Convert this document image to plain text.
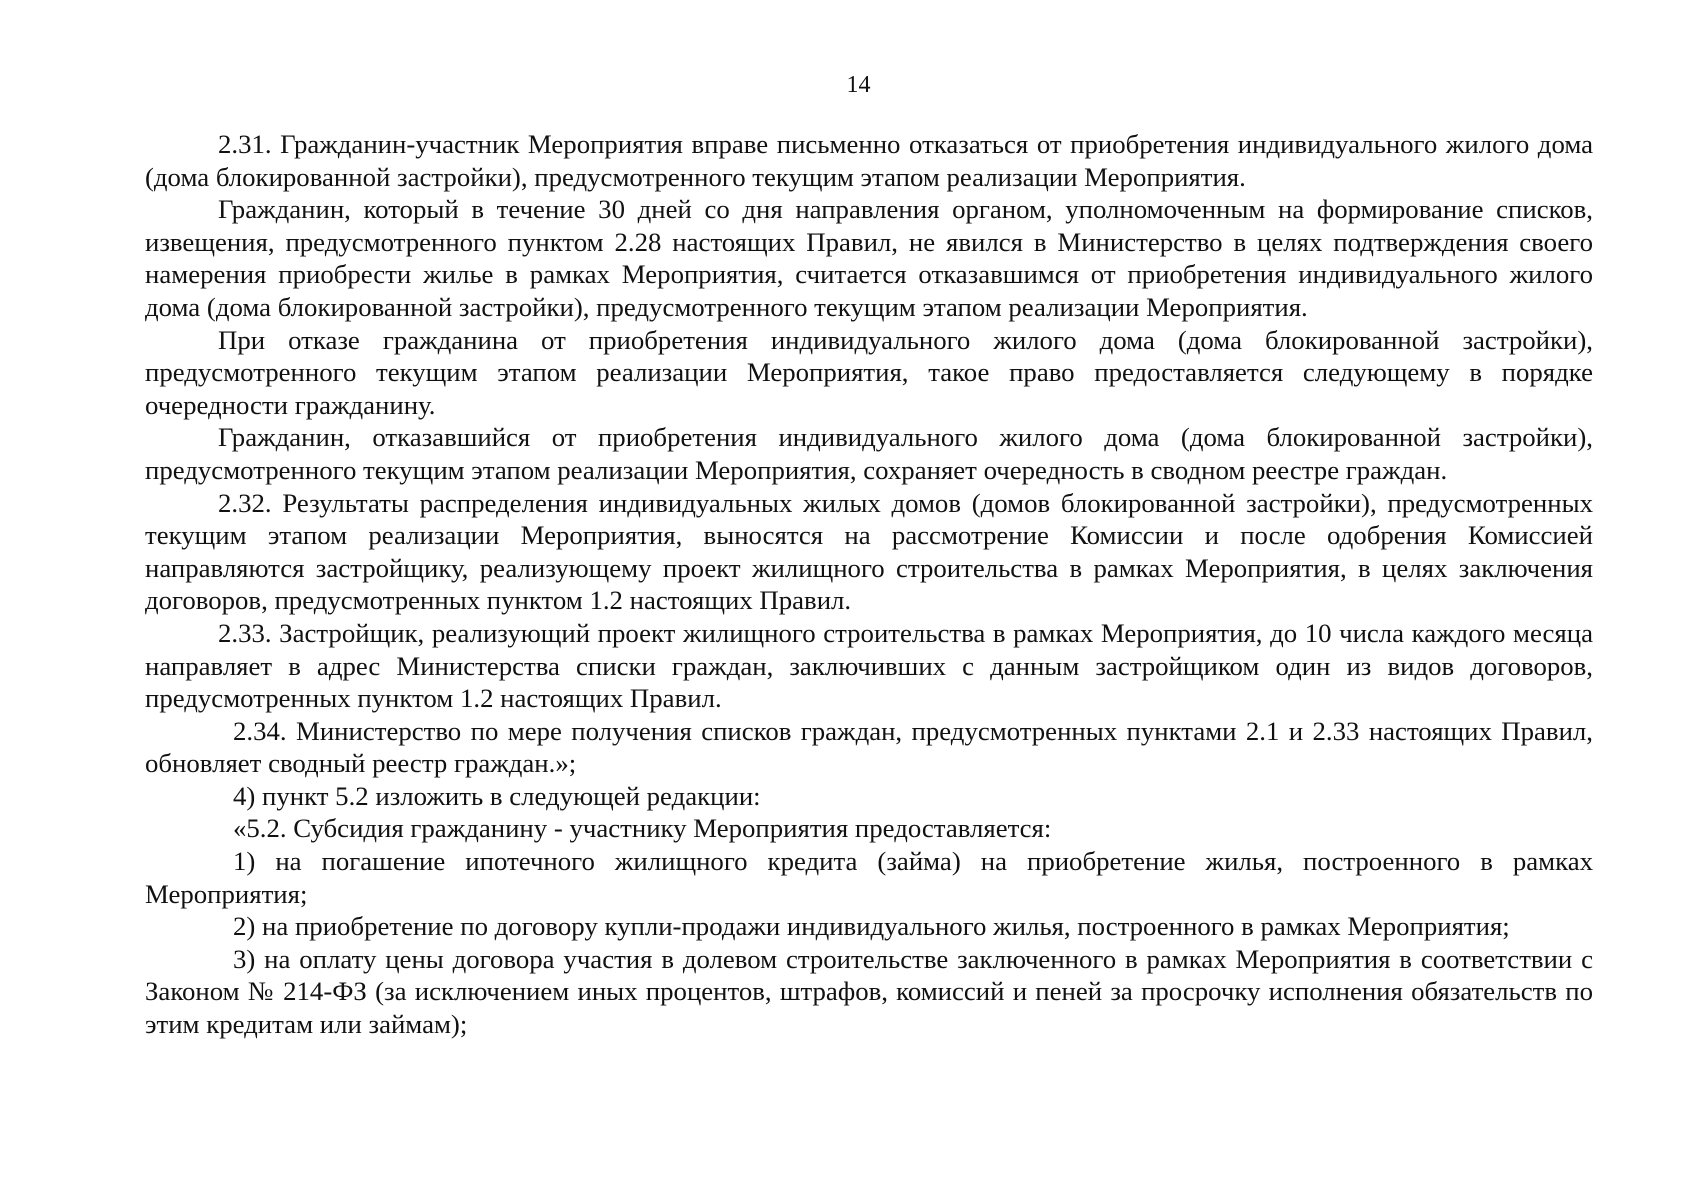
14

2.31. Гражданин-участник Мероприятия вправе письменно отказаться от приобретения индивидуального жилого дома (дома блокированной застройки), предусмотренного текущим этапом реализации Мероприятия.

Гражданин, который в течение 30 дней со дня направления органом, уполномоченным на формирование списков, извещения, предусмотренного пунктом 2.28 настоящих Правил, не явился в Министерство в целях подтверждения своего намерения приобрести жилье в рамках Мероприятия, считается отказавшимся от приобретения индивидуального жилого дома (дома блокированной застройки), предусмотренного текущим этапом реализации Мероприятия.

При отказе гражданина от приобретения индивидуального жилого дома (дома блокированной застройки), предусмотренного текущим этапом реализации Мероприятия, такое право предоставляется следующему в порядке очередности гражданину.

Гражданин, отказавшийся от приобретения индивидуального жилого дома (дома блокированной застройки), предусмотренного текущим этапом реализации Мероприятия, сохраняет очередность в сводном реестре граждан.

2.32. Результаты распределения индивидуальных жилых домов (домов блокированной застройки), предусмотренных текущим этапом реализации Мероприятия, выносятся на рассмотрение Комиссии и после одобрения Комиссией направляются застройщику, реализующему проект жилищного строительства в рамках Мероприятия, в целях заключения договоров, предусмотренных пунктом 1.2 настоящих Правил.

2.33. Застройщик, реализующий проект жилищного строительства в рамках Мероприятия, до 10 числа каждого месяца направляет в адрес Министерства списки граждан, заключивших с данным застройщиком один из видов договоров, предусмотренных пунктом 1.2 настоящих Правил.

2.34. Министерство по мере получения списков граждан, предусмотренных пунктами 2.1 и 2.33 настоящих Правил, обновляет сводный реестр граждан.»;

4) пункт 5.2 изложить в следующей редакции:

«5.2. Субсидия гражданину - участнику Мероприятия предоставляется:

1) на погашение ипотечного жилищного кредита (займа) на приобретение жилья, построенного в рамках Мероприятия;

2) на приобретение по договору купли-продажи индивидуального жилья, построенного в рамках Мероприятия;

3) на оплату цены договора участия в долевом строительстве заключенного в рамках Мероприятия в соответствии с Законом № 214-ФЗ (за исключением иных процентов, штрафов, комиссий и пеней за просрочку исполнения обязательств по этим кредитам или займам);
